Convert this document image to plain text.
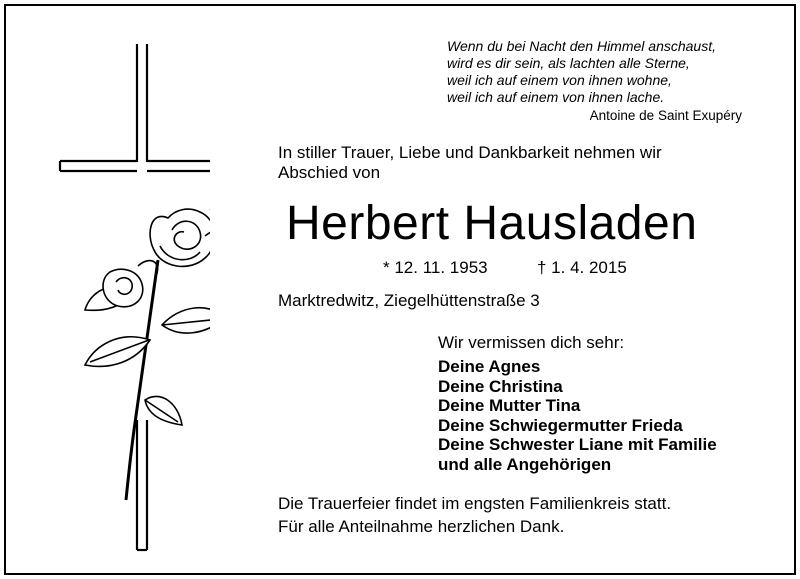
Wenn du bei Nacht den Himmel anschaust,
wird es dir sein, als lachten alle Sterne,
weil ich auf einem von ihnen wohne,
weil ich auf einem von ihnen lache.
Antoine de Saint Exupéry
In stiller Trauer, Liebe und Dankbarkeit nehmen wir
Abschied von
Herbert Hausladen
* 12. 11. 1953	† 1. 4. 2015
Marktredwitz, Ziegelhüttenstraße 3
Wir vermissen dich sehr:
Deine Agnes
Deine Christina
Deine Mutter Tina
Deine Schwiegermutter Frieda
Deine Schwester Liane mit Familie
und alle Angehörigen
Die Trauerfeier findet im engsten Familienkreis statt.
Für alle Anteilnahme herzlichen Dank.
